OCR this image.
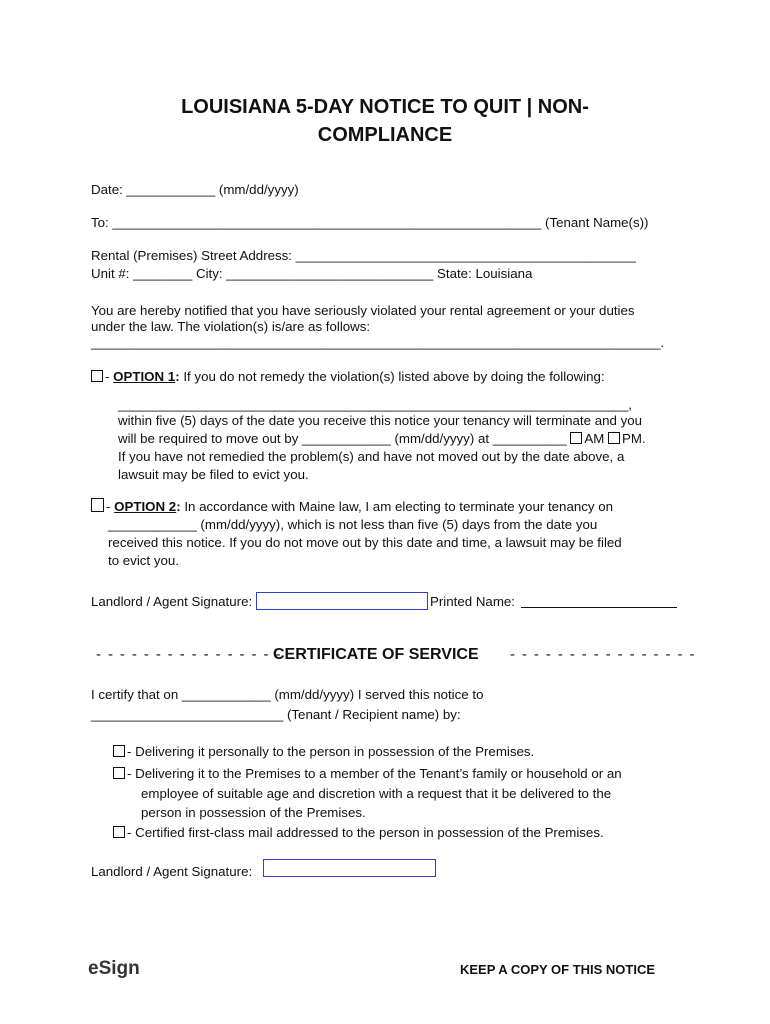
LOUISIANA 5-DAY NOTICE TO QUIT | NON-
COMPLIANCE
Date: ____________ (mm/dd/yyyy)
To: __________________________________________________________ (Tenant Name(s))
Rental (Premises) Street Address: ______________________________________________
Unit #: ________ City: ____________________________ State: Louisiana
You are hereby notified that you have seriously violated your rental agreement or your duties
under the law. The violation(s) is/are as follows:
_____________________________________________________________________________.
- OPTION 1: If you do not remedy the violation(s) listed above by doing the following:
_____________________________________________________________________,
within five (5) days of the date you receive this notice your tenancy will terminate and you
will be required to move out by ____________ (mm/dd/yyyy) at __________ AM PM.
If you have not remedied the problem(s) and have not moved out by the date above, a
lawsuit may be filed to evict you.
- OPTION 2: In accordance with Maine law, I am electing to terminate your tenancy on
____________ (mm/dd/yyyy), which is not less than five (5) days from the date you
received this notice. If you do not move out by this date and time, a lawsuit may be filed
to evict you.
Landlord / Agent Signature:	Printed Name:
- - - - - - - - - - - - - - - -
CERTIFICATE OF SERVICE - - - - - - - - - - - - - - - -
I certify that on ____________ (mm/dd/yyyy) I served this notice to
__________________________ (Tenant / Recipient name) by:
- Delivering it personally to the person in possession of the Premises.
- Delivering it to the Premises to a member of the Tenant’s family or household or an
employee of suitable age and discretion with a request that it be delivered to the
person in possession of the Premises.
- Certified first-class mail addressed to the person in possession of the Premises.
Landlord / Agent Signature:
eSign	KEEP A COPY OF THIS NOTICE
